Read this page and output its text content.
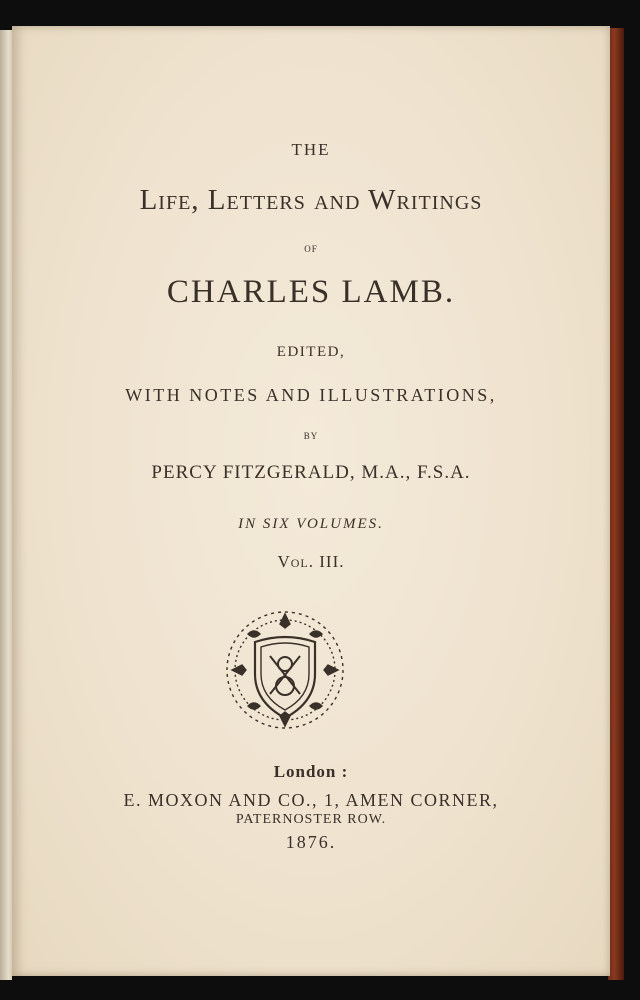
THE
Life, Letters and Writings
OF
CHARLES LAMB.
EDITED,
WITH NOTES AND ILLUSTRATIONS,
BY
PERCY FITZGERALD, M.A., F.S.A.
IN SIX VOLUMES.
Vol. III.
London :
E. MOXON AND CO., 1, AMEN CORNER,
PATERNOSTER ROW.
1876.
